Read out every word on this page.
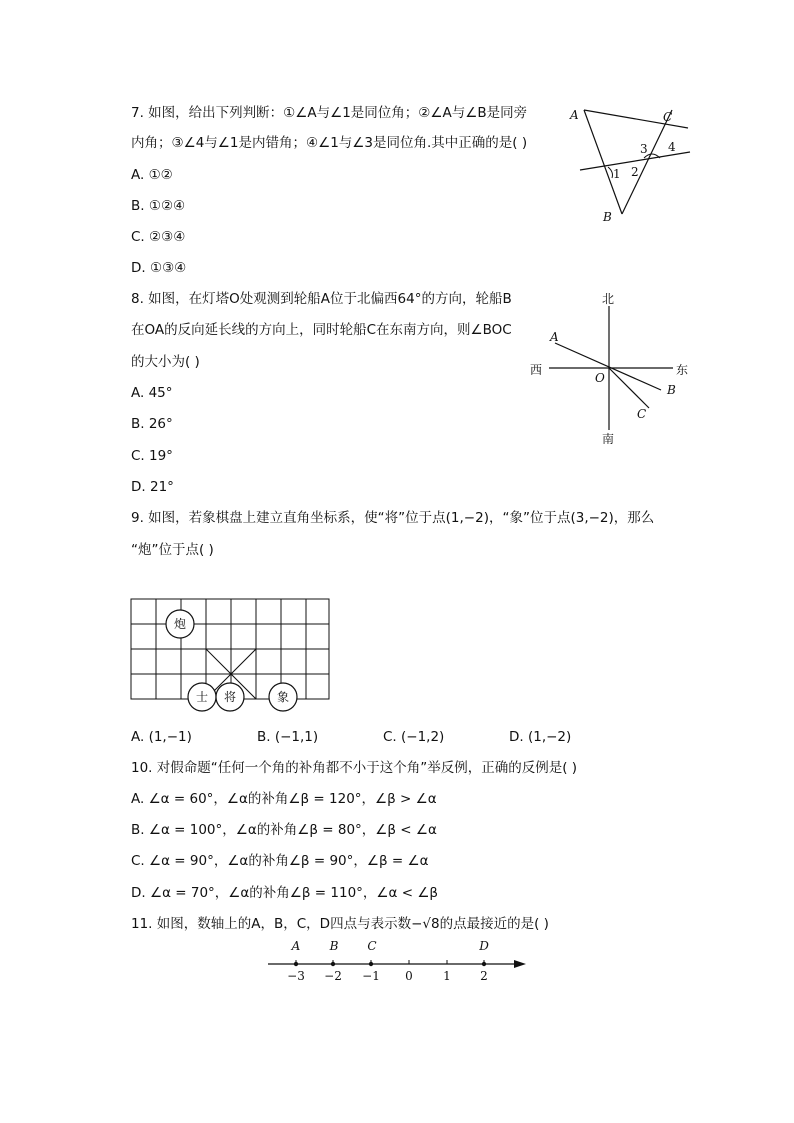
7. 如图，给出下列判断：①∠A与∠1是同位角；②∠A与∠B是同旁
内角；③∠4与∠1是内错角；④∠1与∠3是同位角.其中正确的是( )
A. ①②
B. ①②④
C. ②③④
D. ①③④
A	C
3 4
1 2
B
8. 如图，在灯塔O处观测到轮船A位于北偏西64°的方向，轮船B
在OA的反向延长线的方向上，同时轮船C在东南方向，则∠BOC
的大小为( )
A. 45°
B. 26°
C. 19°
D. 21°
北
南
西	东
A
O
B
C
9. 如图，若象棋盘上建立直角坐标系，使“将”位于点(1,−2)，“象”位于点(3,−2)，那么
“炮”位于点( )
炮
士 将	象
A. (1,−1)	B. (−1,1)	C. (−1,2)	D. (1,−2)
10. 对假命题“任何一个角的补角都不小于这个角”举反例，正确的反例是( )
A. ∠α = 60°，∠α的补角∠β = 120°，∠β > ∠α
B. ∠α = 100°，∠α的补角∠β = 80°，∠β < ∠α
C. ∠α = 90°，∠α的补角∠β = 90°，∠β = ∠α
D. ∠α = 70°，∠α的补角∠β = 110°，∠α < ∠β
11. 如图，数轴上的A，B，C，D四点与表示数−√8的点最接近的是( )
A B C	D
−3 −2 −1 0	1 2
